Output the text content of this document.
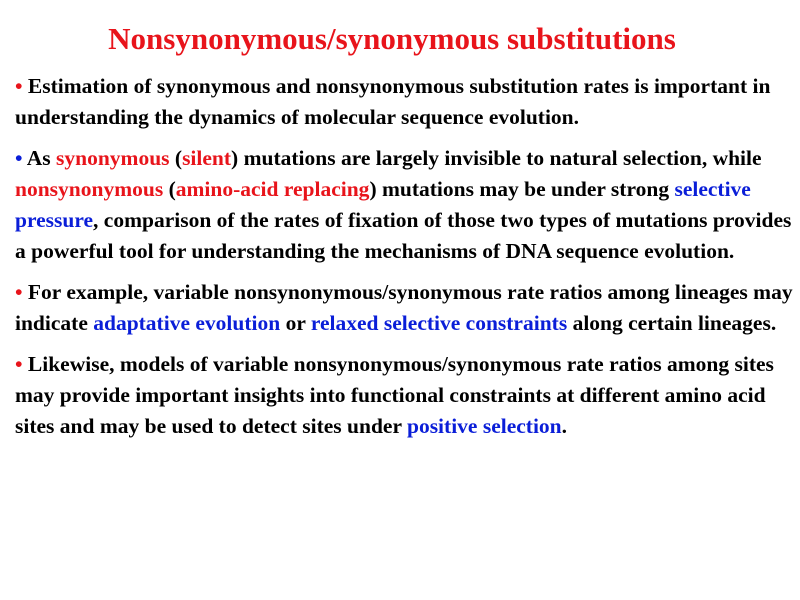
Nonsynonymous/synonymous substitutions
• Estimation of synonymous and nonsynonymous substitution rates is important in understanding the dynamics of molecular sequence evolution.
• As synonymous (silent) mutations are largely invisible to natural selection, while nonsynonymous (amino-acid replacing) mutations may be under strong selective pressure, comparison of the rates of fixation of those two types of mutations provides a powerful tool for understanding the mechanisms of DNA sequence evolution.
• For example, variable nonsynonymous/synonymous rate ratios among lineages may indicate adaptative evolution or relaxed selective constraints along certain lineages.
• Likewise, models of variable nonsynonymous/synonymous rate ratios among sites may provide important insights into functional constraints at different amino acid sites and may be used to detect sites under positive selection.
